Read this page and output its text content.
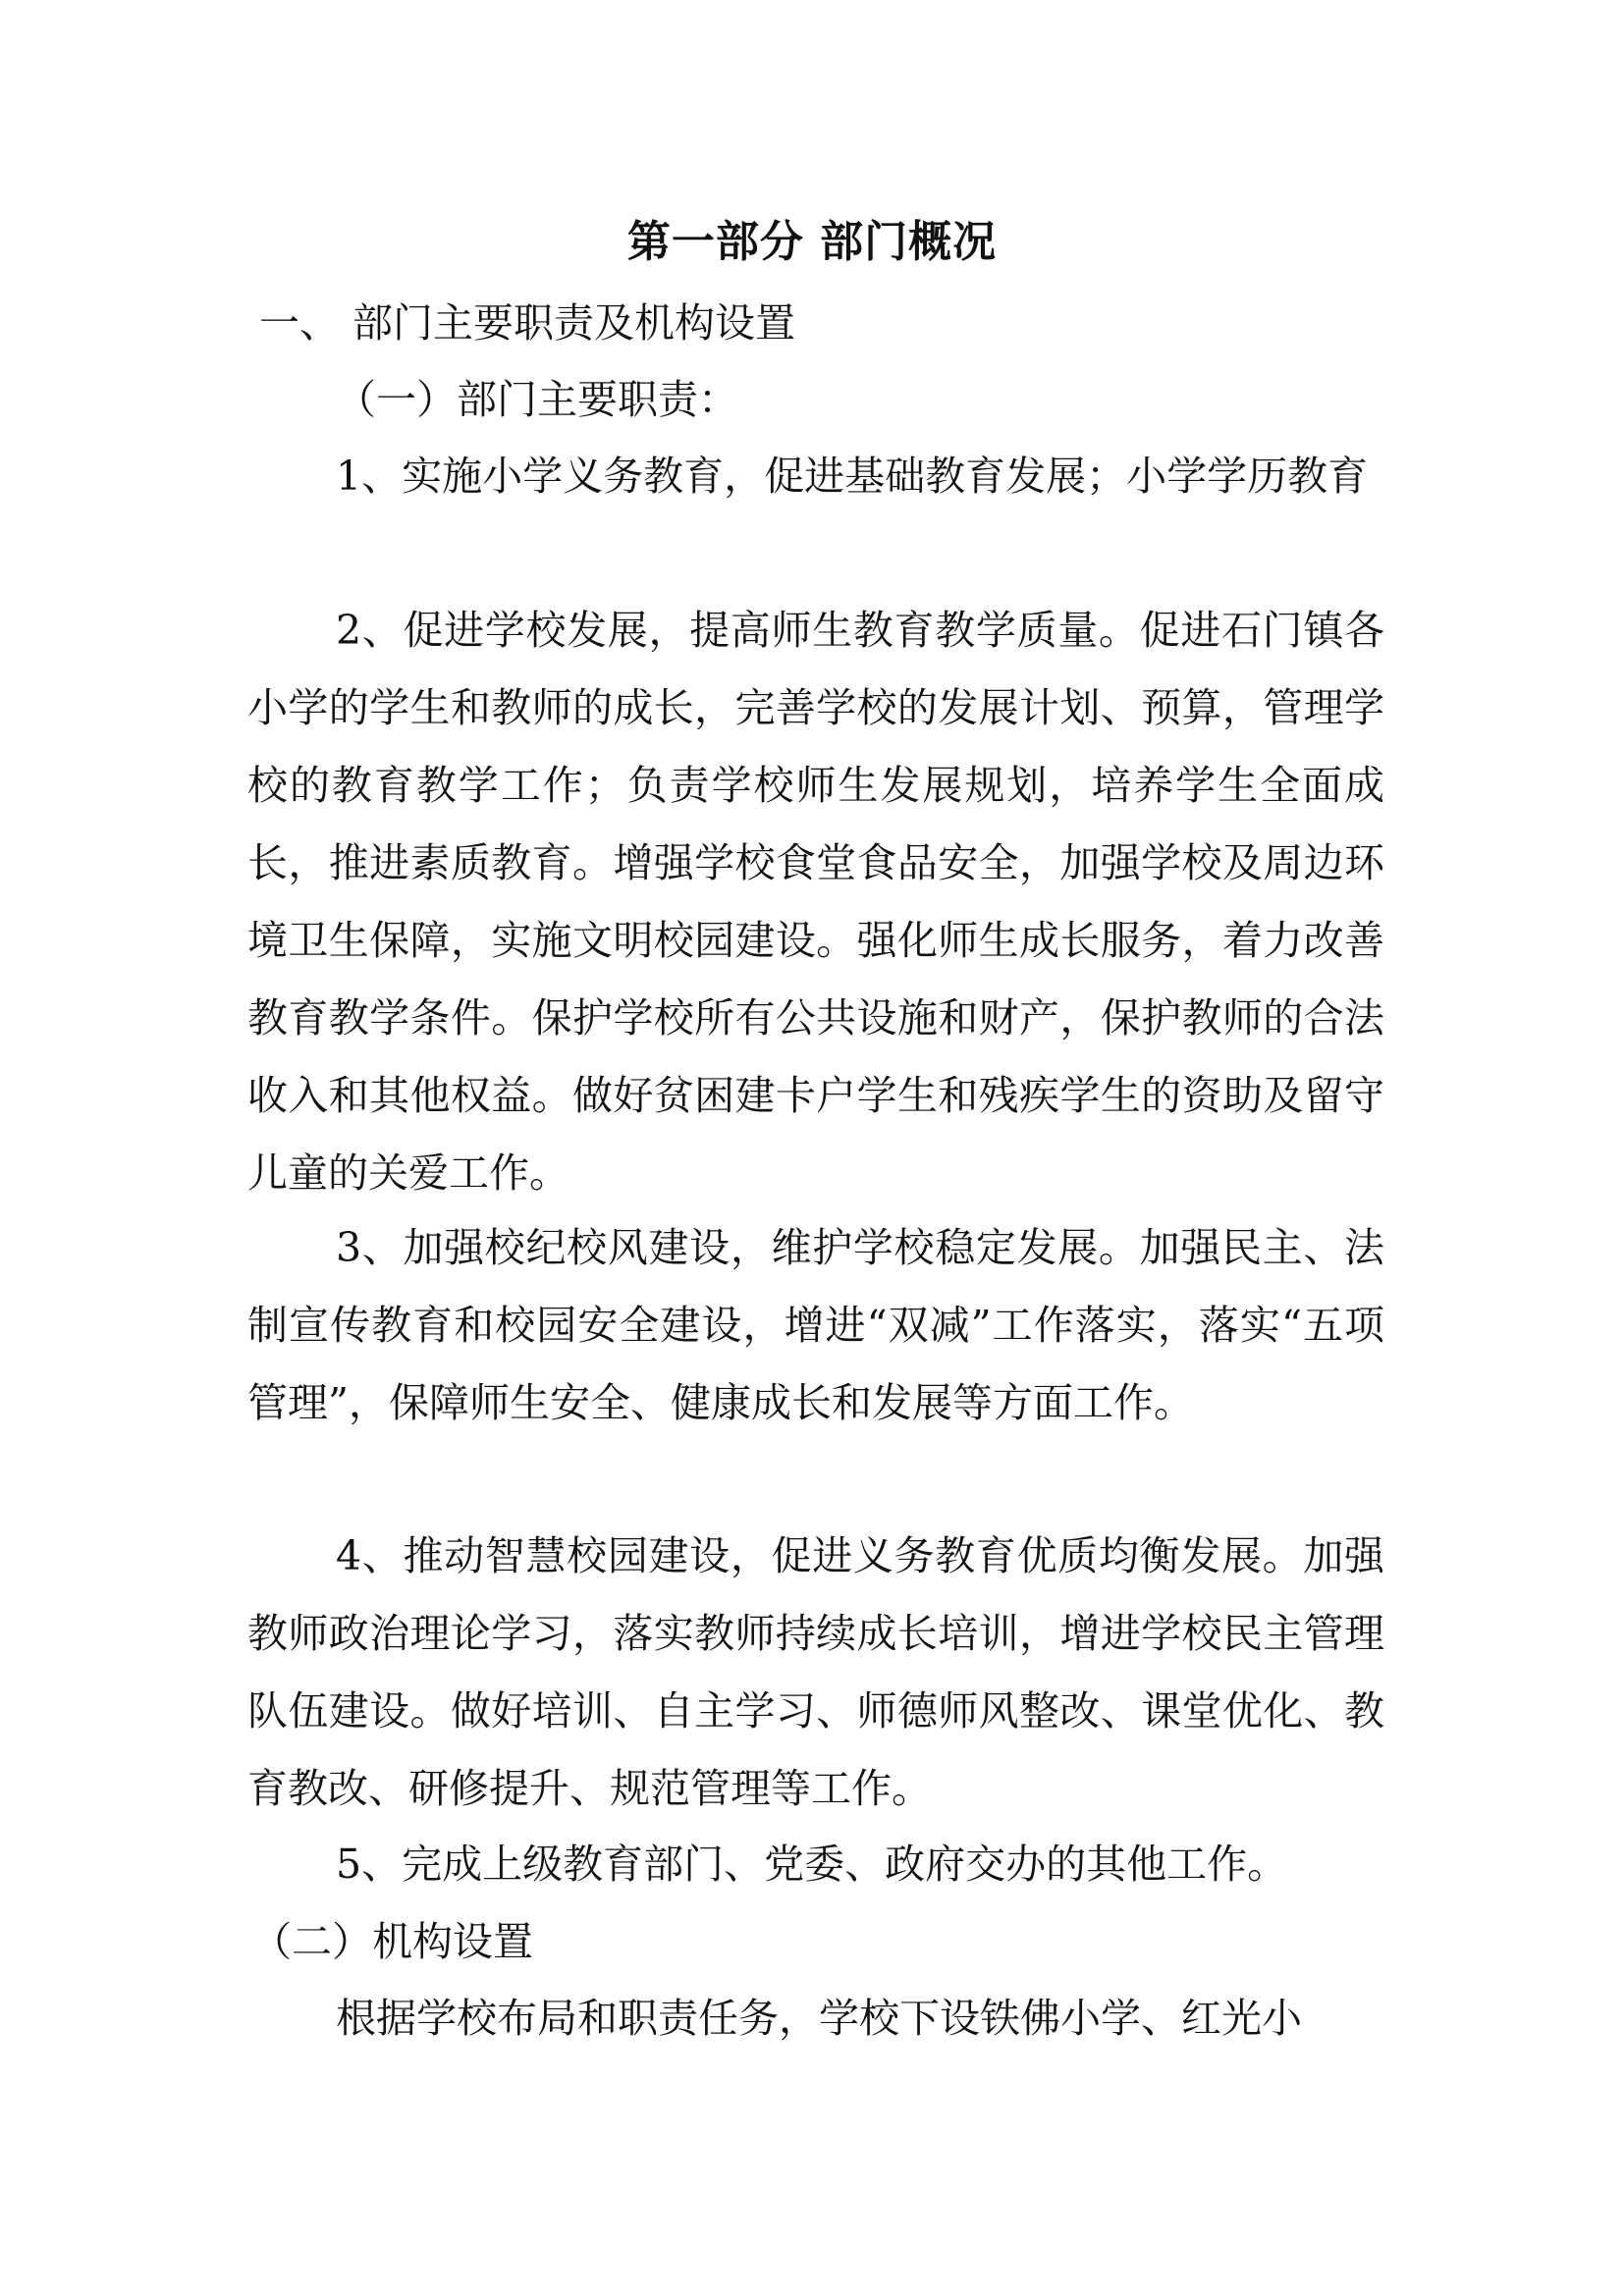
第一部分 部门概况
一、 部门主要职责及机构设置
（一）部门主要职责：
1、实施小学义务教育，促进基础教育发展；小学学历教育
2、促进学校发展，提高师生教育教学质量。促进石门镇各小学的学生和教师的成长，完善学校的发展计划、预算，管理学校的教育教学工作；负责学校师生发展规划，培养学生全面成长，推进素质教育。增强学校食堂食品安全，加强学校及周边环境卫生保障，实施文明校园建设。强化师生成长服务，着力改善教育教学条件。保护学校所有公共设施和财产，保护教师的合法收入和其他权益。做好贫困建卡户学生和残疾学生的资助及留守儿童的关爱工作。
3、加强校纪校风建设，维护学校稳定发展。加强民主、法制宣传教育和校园安全建设，增进“双减”工作落实，落实“五项管理”，保障师生安全、健康成长和发展等方面工作。
4、推动智慧校园建设，促进义务教育优质均衡发展。加强教师政治理论学习，落实教师持续成长培训，增进学校民主管理队伍建设。做好培训、自主学习、师德师风整改、课堂优化、教育教改、研修提升、规范管理等工作。
5、完成上级教育部门、党委、政府交办的其他工作。
（二）机构设置
根据学校布局和职责任务，学校下设铁佛小学、红光小
